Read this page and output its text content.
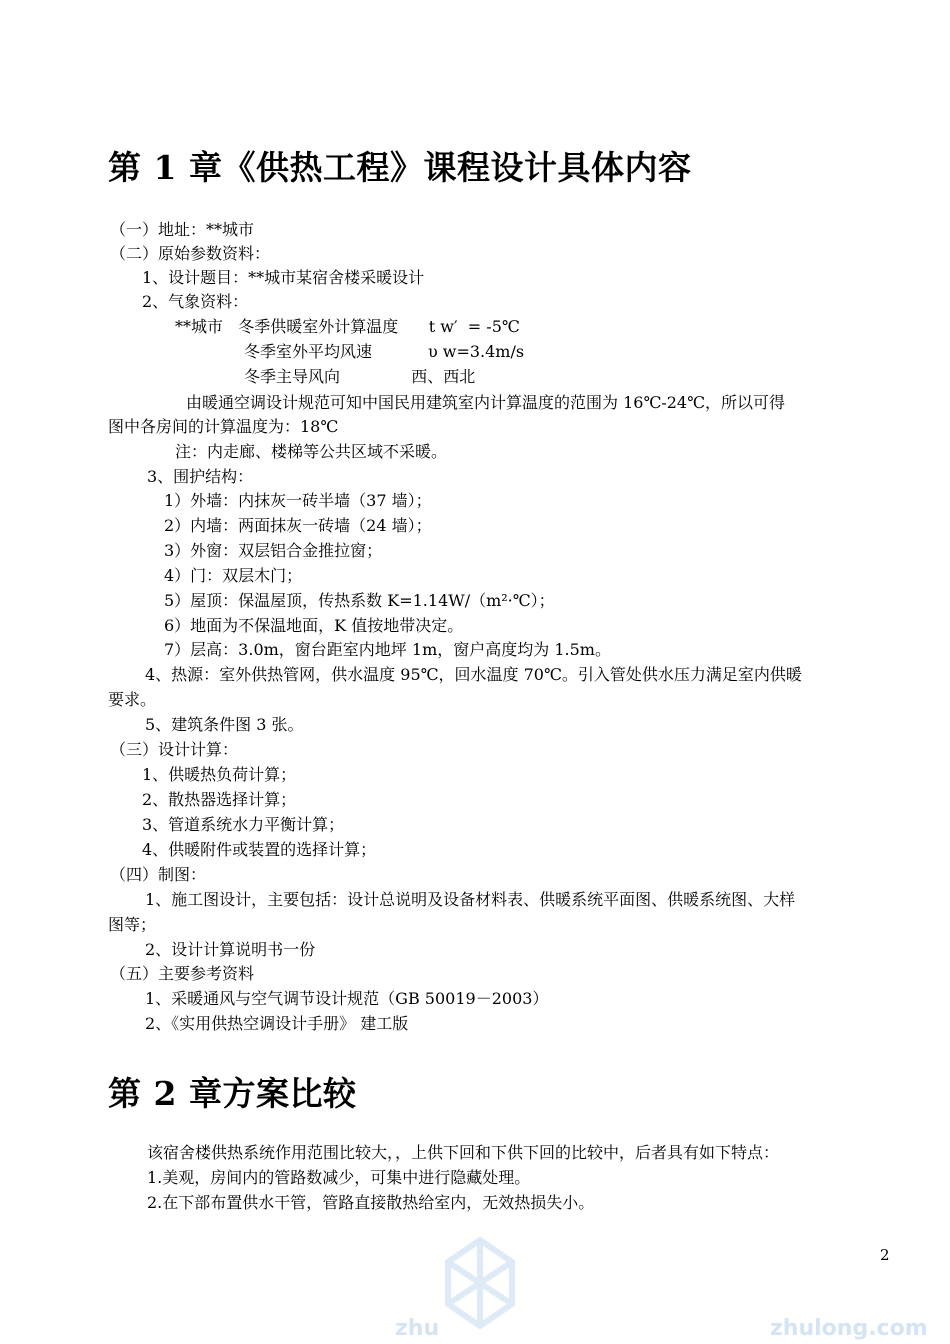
第 1 章《供热工程》课程设计具体内容

（一）地址：**城市

（二）原始参数资料：

1、设计题目：**城市某宿舍楼采暖设计

2、气象资料：

**城市   冬季供暖室外计算温度      t w′  = -5℃

冬季室外平均风速           υ w=3.4m/s

冬季主导风向              西、西北

由暖通空调设计规范可知中国民用建筑室内计算温度的范围为 16℃-24℃，所以可得

图中各房间的计算温度为：18℃

注：内走廊、楼梯等公共区域不采暖。

3、围护结构：

1）外墙：内抹灰一砖半墙（37 墙）；

2）内墙：两面抹灰一砖墙（24 墙）；

3）外窗：双层铝合金推拉窗；

4）门：双层木门；

5）屋顶：保温屋顶，传热系数 K=1.14W/（m²·℃）；

6）地面为不保温地面，K 值按地带决定。

7）层高：3.0m，窗台距室内地坪 1m，窗户高度均为 1.5m。

4、热源：室外供热管网，供水温度 95℃，回水温度 70℃。引入管处供水压力满足室内供暖

要求。

5、建筑条件图 3 张。

（三）设计计算：

1、供暖热负荷计算；

2、散热器选择计算；

3、管道系统水力平衡计算；

4、供暖附件或装置的选择计算；

（四）制图：

1、施工图设计，主要包括：设计总说明及设备材料表、供暖系统平面图、供暖系统图、大样

图等；

2、设计计算说明书一份

（五）主要参考资料

1、采暖通风与空气调节设计规范（GB 50019－2003）

2、《实用供热空调设计手册》 建工版

第 2 章方案比较

该宿舍楼供热系统作用范围比较大，，上供下回和下供下回的比较中，后者具有如下特点：

1.美观，房间内的管路数减少，可集中进行隐藏处理。

2.在下部布置供水干管，管路直接散热给室内，无效热损失小。

2
zhu	zhulong.com
